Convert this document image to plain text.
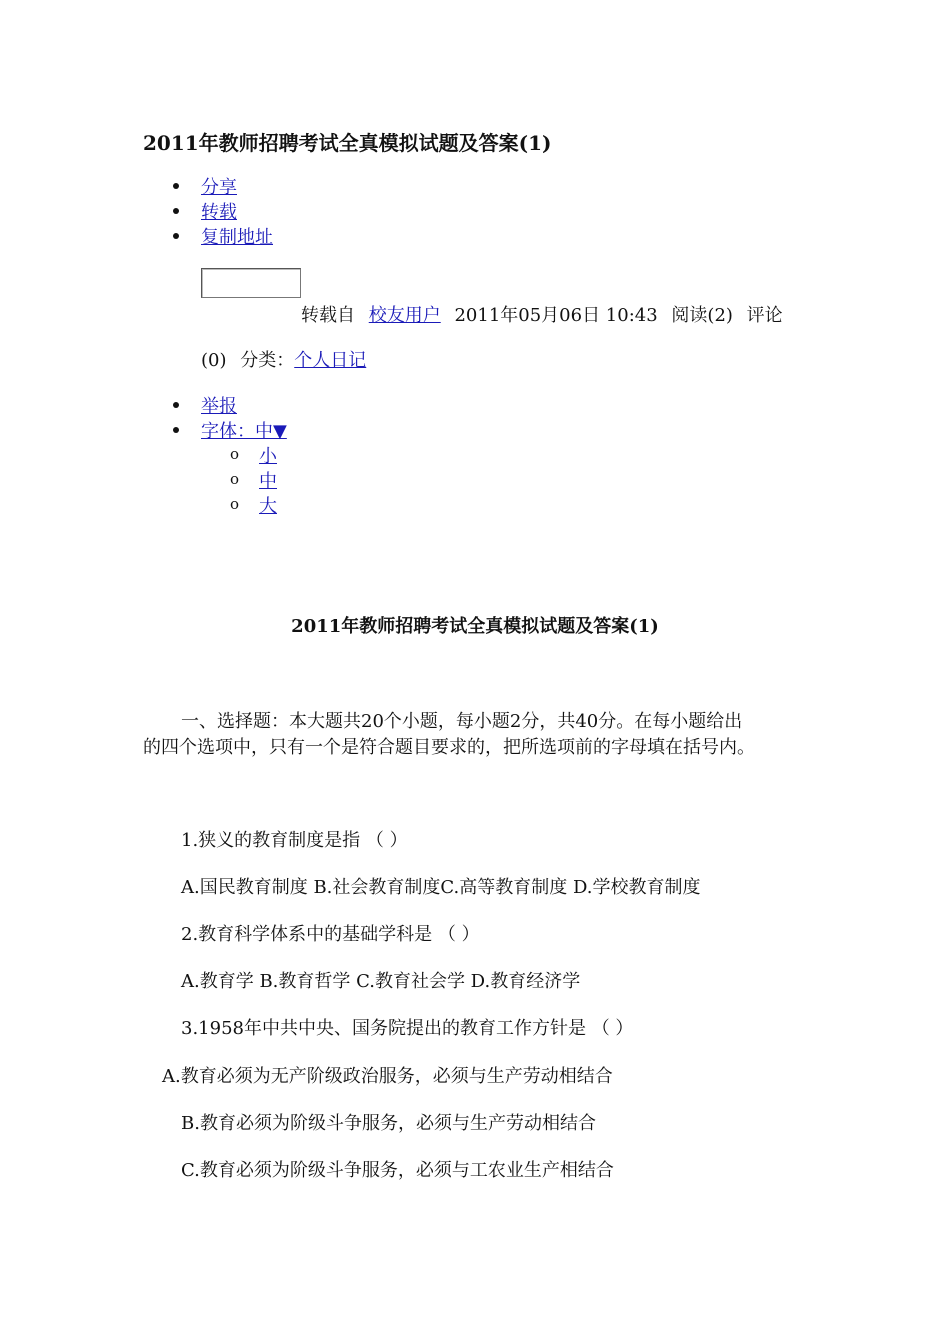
2011年教师招聘考试全真模拟试题及答案(1)
分享
转载
复制地址
转载自 校友用户 2011年05月06日 10:43 阅读(2) 评论
(0) 分类：个人日记
举报
字体：中▼
o 小
o 中
o 大
2011年教师招聘考试全真模拟试题及答案(1)
一、选择题：本大题共20个小题，每小题2分，共40分。在每小题给出
的四个选项中，只有一个是符合题目要求的，把所选项前的字母填在括号内。
1.狭义的教育制度是指 （ ）
A.国民教育制度 B.社会教育制度C.高等教育制度 D.学校教育制度
2.教育科学体系中的基础学科是 （ ）
A.教育学 B.教育哲学 C.教育社会学 D.教育经济学
3.1958年中共中央、国务院提出的教育工作方针是 （ ）
A.教育必须为无产阶级政治服务，必须与生产劳动相结合
B.教育必须为阶级斗争服务，必须与生产劳动相结合
C.教育必须为阶级斗争服务，必须与工农业生产相结合
